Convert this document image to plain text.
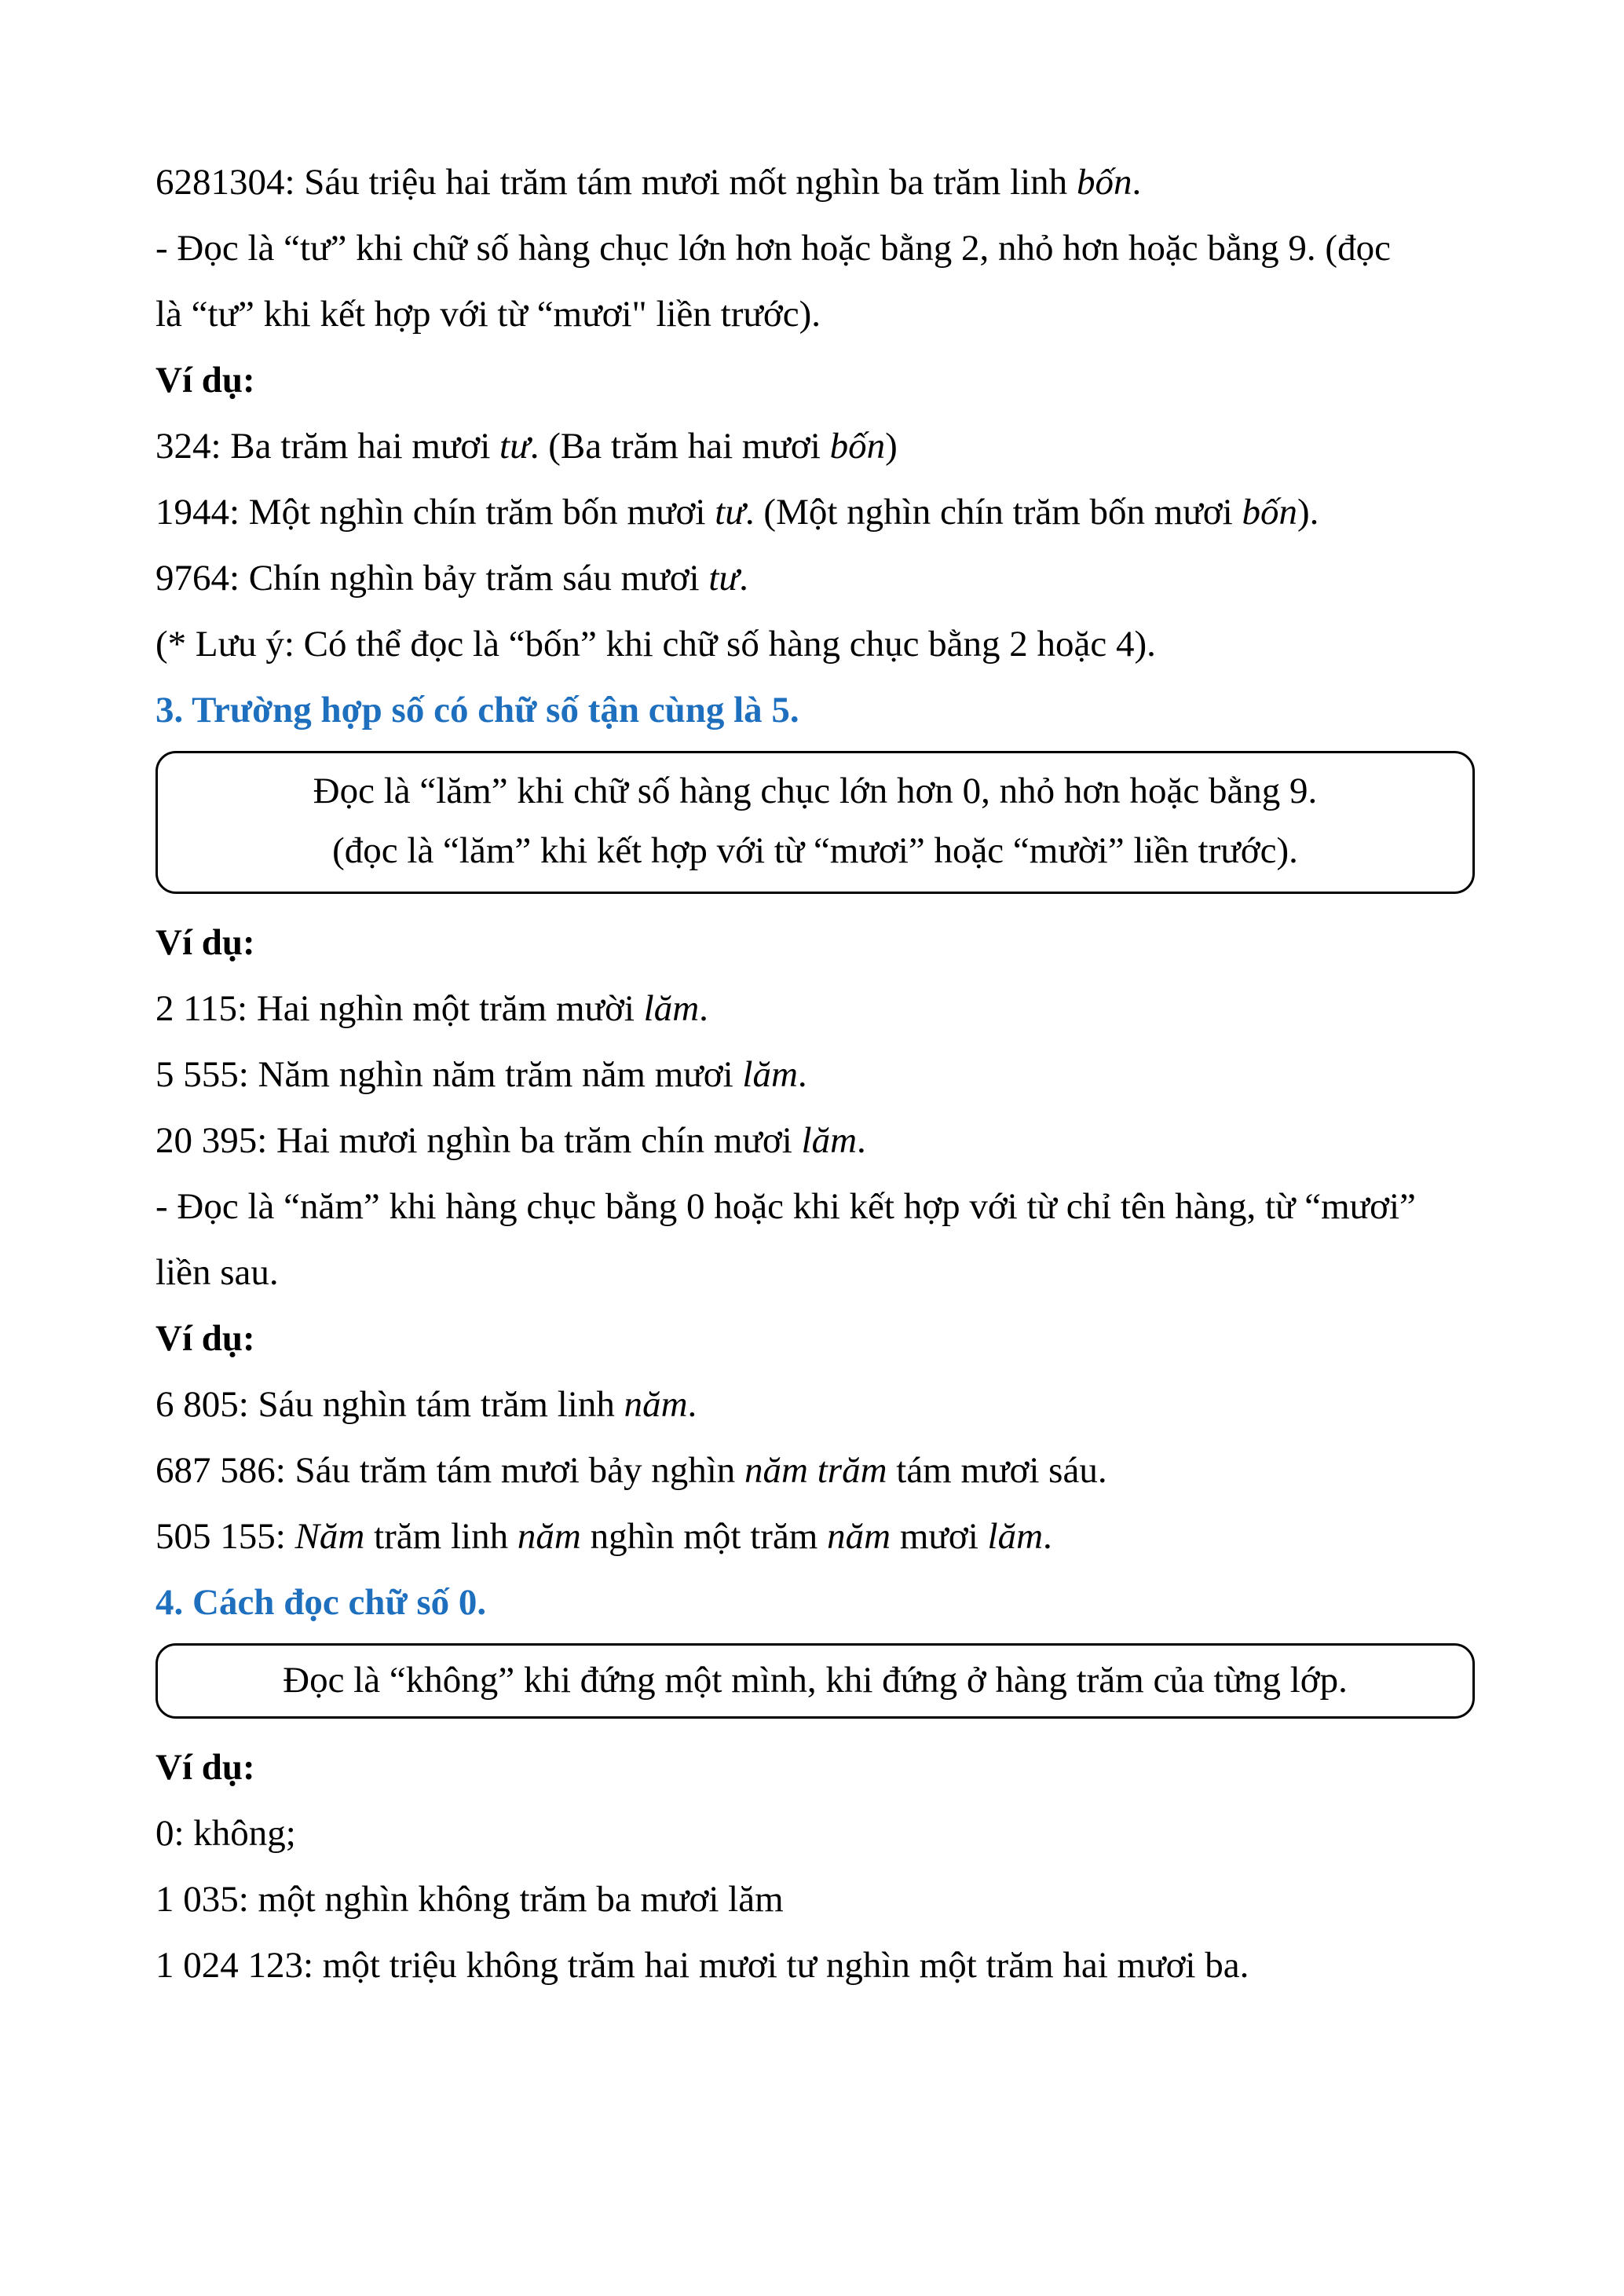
6281304: Sáu triệu hai trăm tám mươi mốt nghìn ba trăm linh bốn.
- Đọc là “tư” khi chữ số hàng chục lớn hơn hoặc bằng 2, nhỏ hơn hoặc bằng 9. (đọc
là “tư” khi kết hợp với từ “mươi" liền trước).
Ví dụ:
324: Ba trăm hai mươi tư. (Ba trăm hai mươi bốn)
1944: Một nghìn chín trăm bốn mươi tư. (Một nghìn chín trăm bốn mươi bốn).
9764: Chín nghìn bảy trăm sáu mươi tư.
(* Lưu ý: Có thể đọc là “bốn” khi chữ số hàng chục bằng 2 hoặc 4).
3. Trường hợp số có chữ số tận cùng là 5.
Đọc là “lăm” khi chữ số hàng chục lớn hơn 0, nhỏ hơn hoặc bằng 9.
(đọc là “lăm” khi kết hợp với từ “mươi” hoặc “mười” liền trước).
Ví dụ:
2 115: Hai nghìn một trăm mười lăm.
5 555: Năm nghìn năm trăm năm mươi lăm.
20 395: Hai mươi nghìn ba trăm chín mươi lăm.
- Đọc là “năm” khi hàng chục bằng 0 hoặc khi kết hợp với từ chỉ tên hàng, từ “mươi”
liền sau.
Ví dụ:
6 805: Sáu nghìn tám trăm linh năm.
687 586: Sáu trăm tám mươi bảy nghìn năm trăm tám mươi sáu.
505 155: Năm trăm linh năm nghìn một trăm năm mươi lăm.
4. Cách đọc chữ số 0.
Đọc là “không” khi đứng một mình, khi đứng ở hàng trăm của từng lớp.
Ví dụ:
0: không;
1 035: một nghìn không trăm ba mươi lăm
1 024 123: một triệu không trăm hai mươi tư nghìn một trăm hai mươi ba.
